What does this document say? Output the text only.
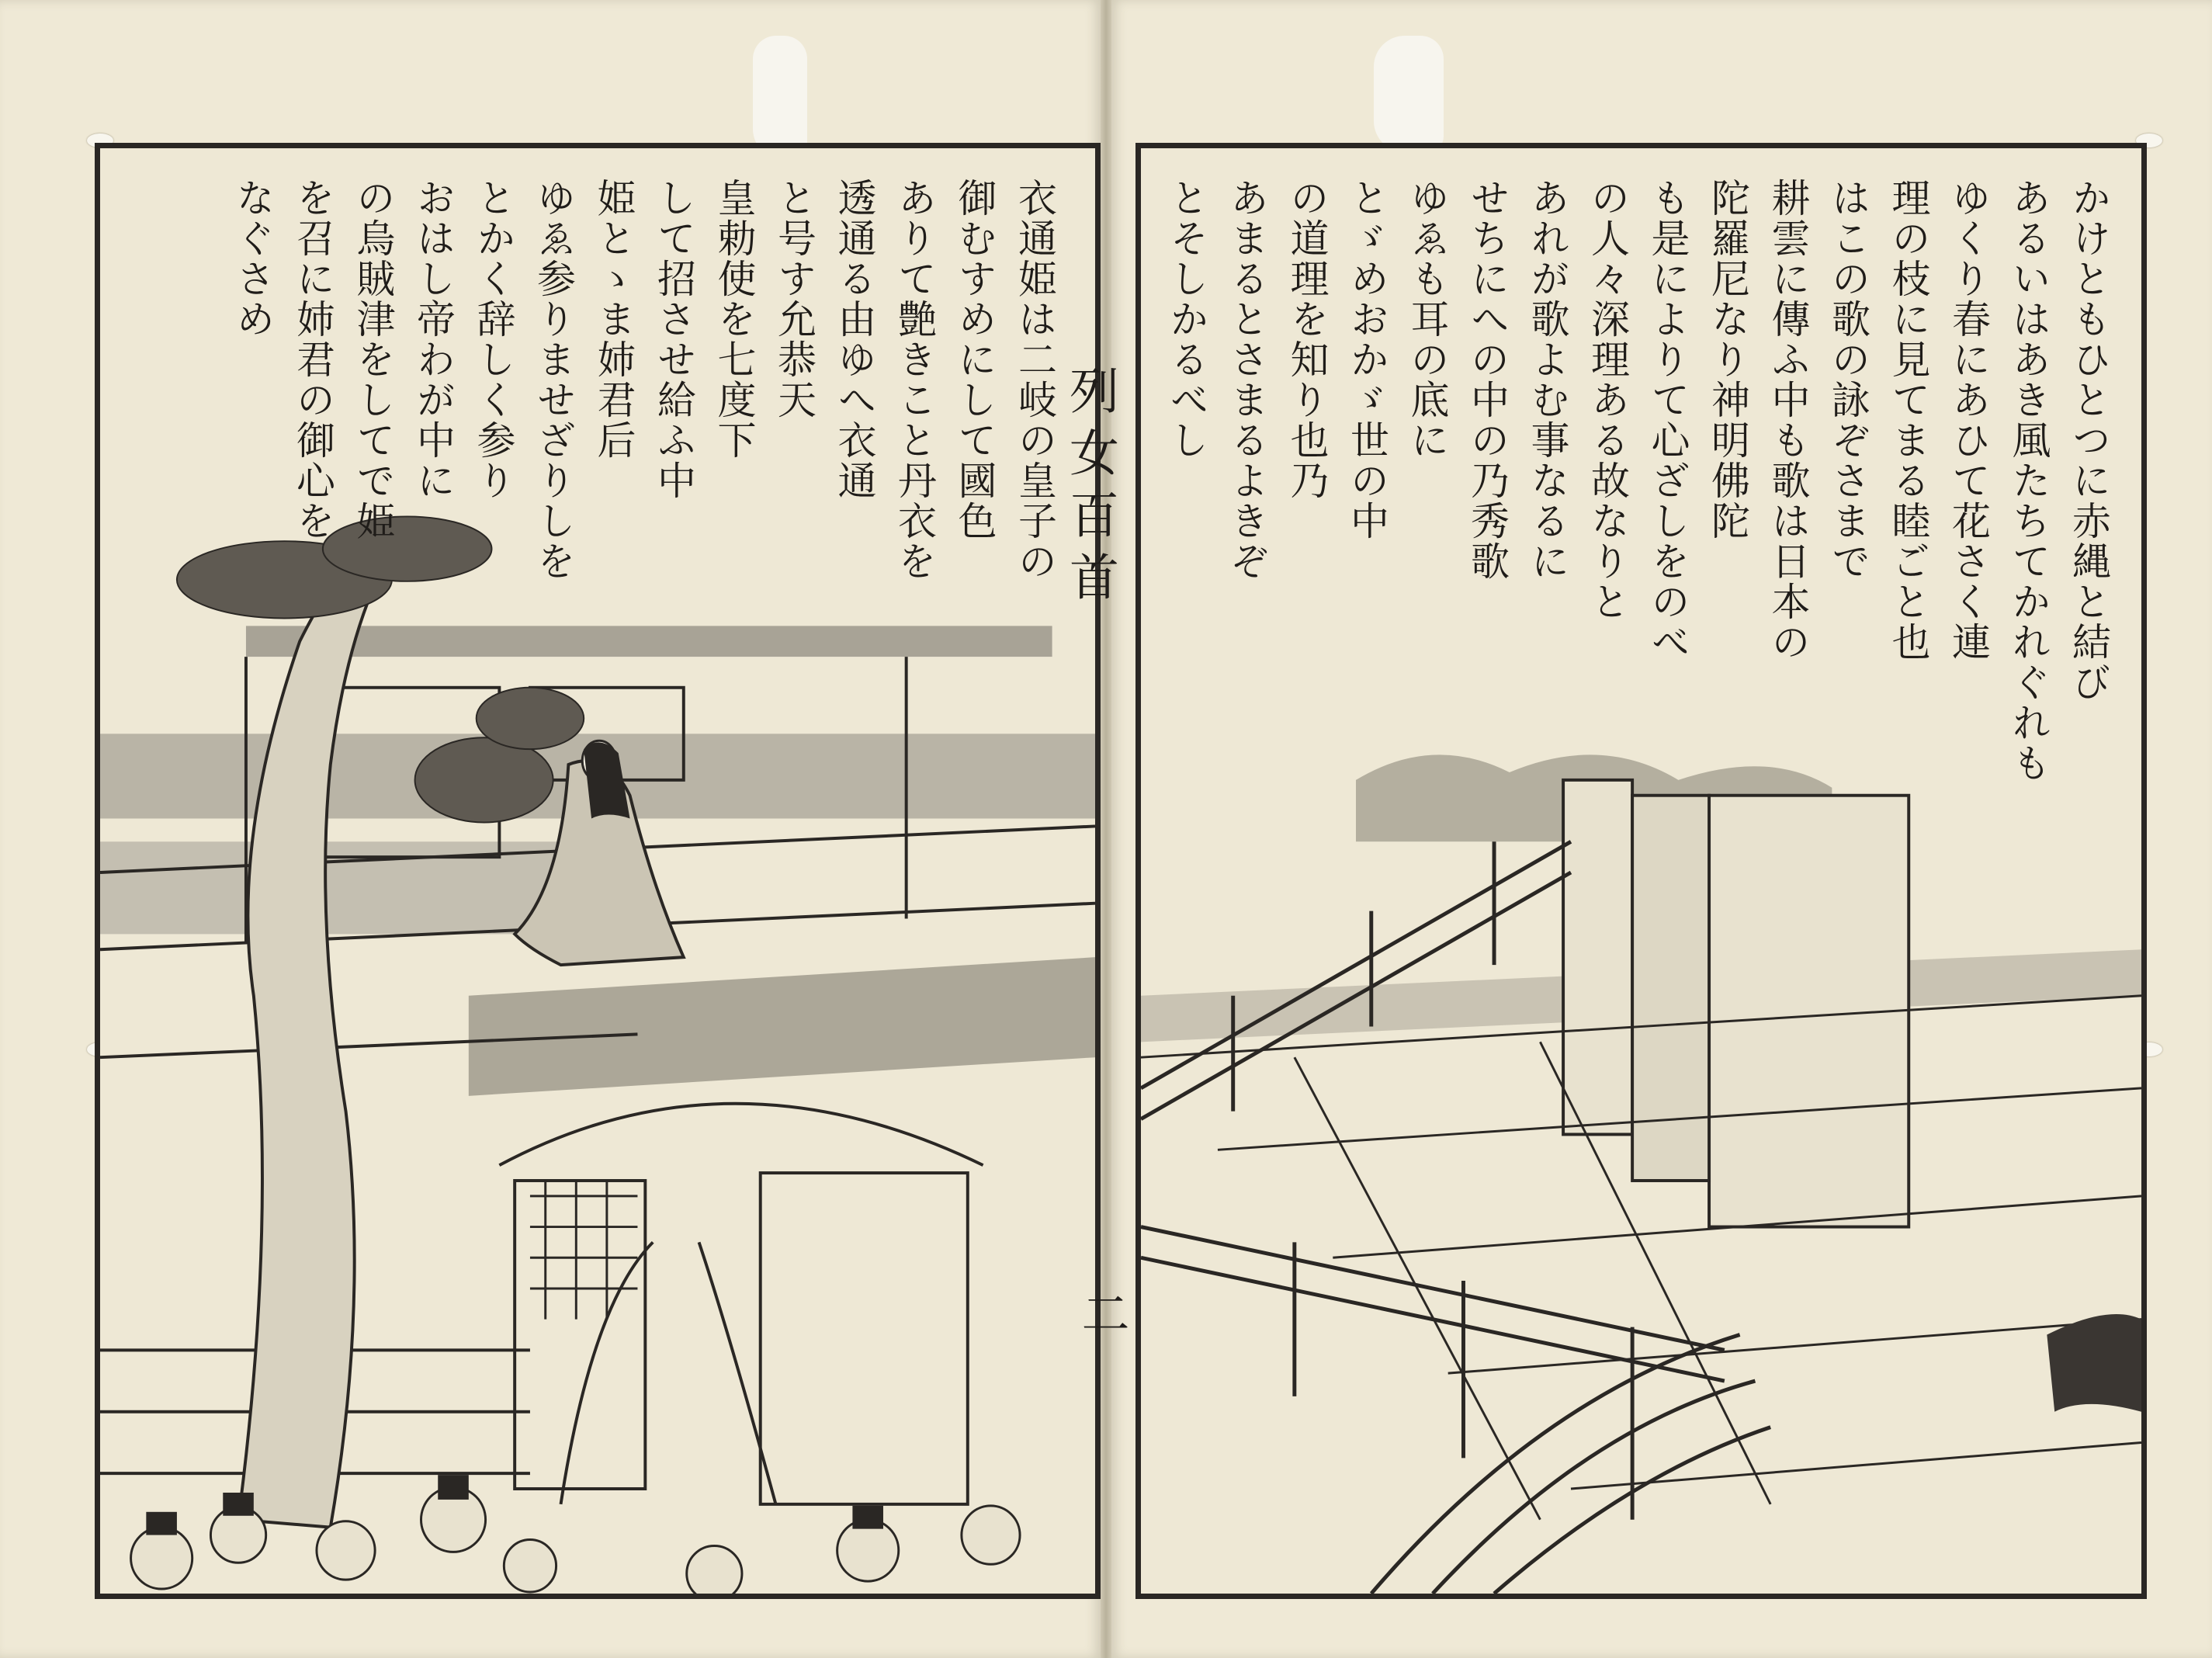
衣通姫は二岐の皇子の
御むすめにして國色
ありて艶きこと丹衣を
透通る由ゆへ衣通
と号す允恭天
皇勅使を七度下
して招させ給ふ中
姫とゝま姉君后
ゆゑ参りませざりしを
とかく辞しく参り
おはし帝わが中に
の烏賊津をしてで姫
を召に姉君の御心を
なぐさめ
列女百首
二
かけともひとつに赤縄と結び
あるいはあき風たちてかれぐれも
ゆくり春にあひて花さく連
理の枝に見てまる睦ごと也
はこの歌の詠ぞさまで
耕雲に傳ふ中も歌は日本の
陀羅尼なり神明佛陀
も是によりて心ざしをのべ
の人々深理ある故なりと
あれが歌よむ事なるに
せちにへの中の乃秀歌
ゆゑも耳の底に
とゞめおかゞ世の中
の道理を知り也乃
あまるとさまるよきぞ
とそしかるべし
